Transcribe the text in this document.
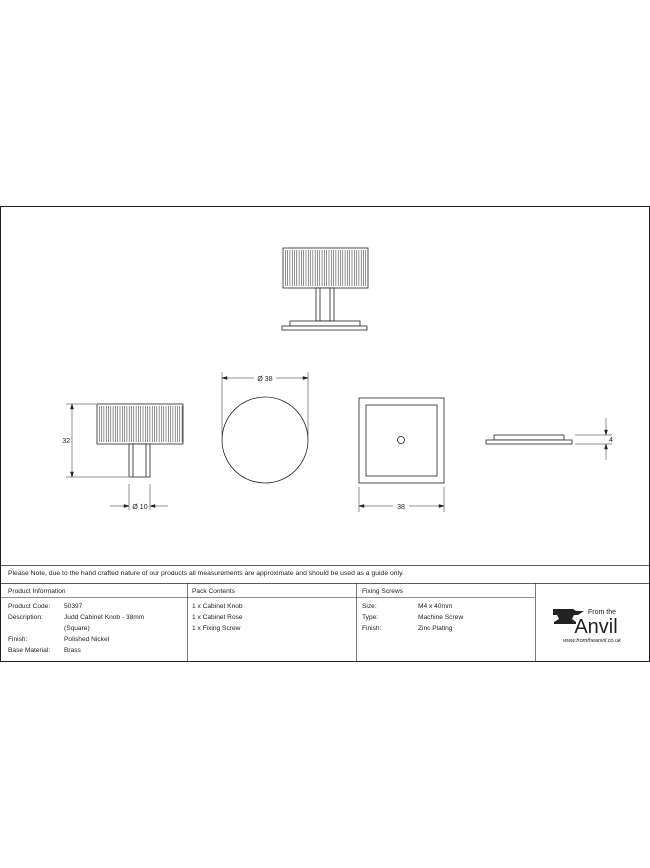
32
Ø 10
Ø 38
38
4
From the
Anvil
www.fromtheanvil.co.uk
Please Note, due to the hand crafted nature of our products all measurements are approximate and should be used as a guide only.
Product Information	Pack Contents	Fixing Screws
Product Code: 50397
Description:	Judd Cabinet Knob - 38mm
(Square)
Finish:	Polished Nickel
Base Material: Brass
1 x Cabinet Knob
1 x Cabinet Rose
1 x Fixing Screw
Size:	M4 x 40mm
Type:	Machine Screw
Finish:	Zinc Plating
